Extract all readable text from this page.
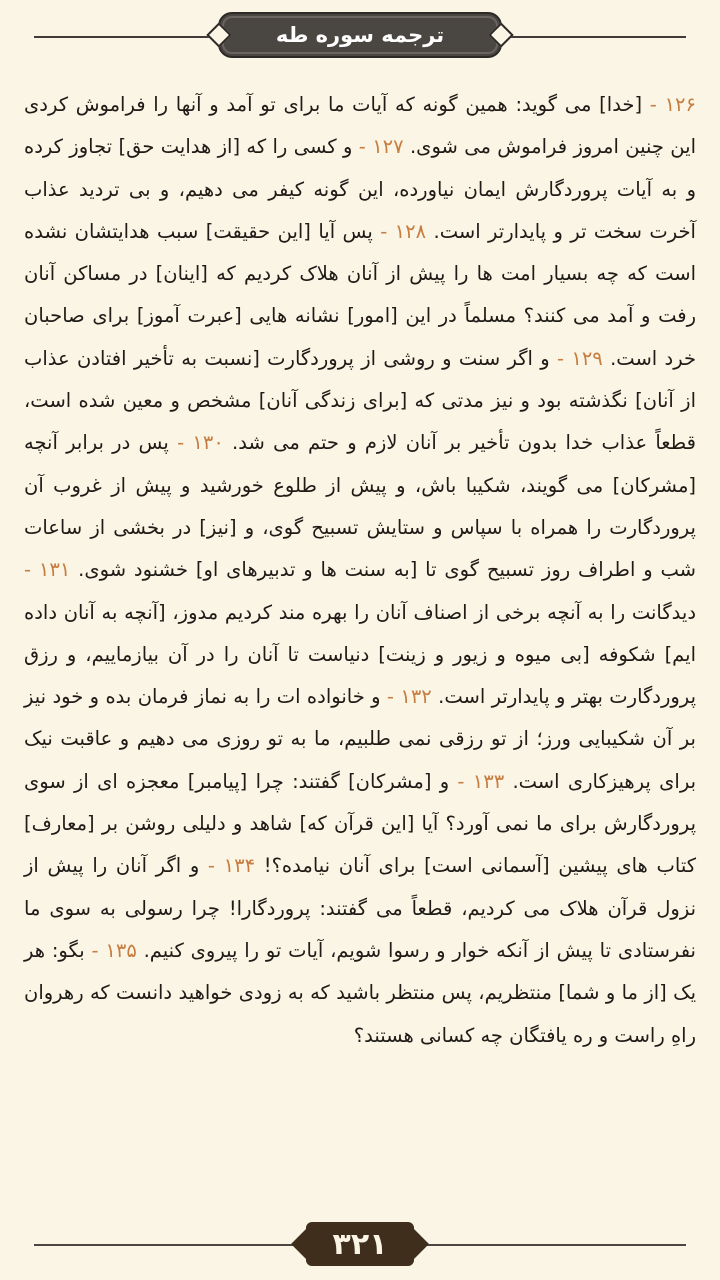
ترجمه سوره طه
۱۲۶ - [خدا] می گوید: همین گونه که آیات ما برای تو آمد و آنها را فراموش کردی این چنین امروز فراموش می شوی. ۱۲۷ - و کسی را که [از هدایت حق] تجاوز کرده و به آیات پروردگارش ایمان نیاورده، این گونه کیفر می دهیم، و بی تردید عذاب آخرت سخت تر و پایدارتر است. ۱۲۸ - پس آیا [این حقیقت] سبب هدایتشان نشده است که چه بسیار امت ها را پیش از آنان هلاک کردیم که [اینان] در مساکن آنان رفت و آمد می کنند؟ مسلماً در این [امور] نشانه هایی [عبرت آموز] برای صاحبان خرد است. ۱۲۹ - و اگر سنت و روشی از پروردگارت [نسبت به تأخیر افتادن عذاب از آنان] نگذشته بود و نیز مدتی که [برای زندگی آنان] مشخص و معین شده است، قطعاً عذاب خدا بدون تأخیر بر آنان لازم و حتم می شد. ۱۳۰ - پس در برابر آنچه [مشرکان] می گویند، شکیبا باش، و پیش از طلوع خورشید و پیش از غروب آن پروردگارت را همراه با سپاس و ستایش تسبیح گوی، و [نیز] در بخشی از ساعات شب و اطراف روز تسبیح گوی تا [به سنت ها و تدبیرهای او] خشنود شوی. ۱۳۱ - دیدگانت را به آنچه برخی از اصناف آنان را بهره مند کردیم مدوز، [آنچه به آنان داده ایم] شکوفه [بی میوه و زیور و زینت] دنیاست تا آنان را در آن بیازماییم، و رزق پروردگارت بهتر و پایدارتر است. ۱۳۲ - و خانواده ات را به نماز فرمان بده و خود نیز بر آن شکیبایی ورز؛ از تو رزقی نمی طلبیم، ما به تو روزی می دهیم و عاقبت نیک برای پرهیزکاری است. ۱۳۳ - و [مشرکان] گفتند: چرا [پیامبر] معجزه ای از سوی پروردگارش برای ما نمی آورد؟ آیا [این قرآن که] شاهد و دلیلی روشن بر [معارف] کتاب های پیشین [آسمانی است] برای آنان نیامده؟! ۱۳۴ - و اگر آنان را پیش از نزول قرآن هلاک می کردیم، قطعاً می گفتند: پروردگارا! چرا رسولی به سوی ما نفرستادی تا پیش از آنکه خوار و رسوا شویم، آیات تو را پیروی کنیم. ۱۳۵ - بگو: هر یک [از ما و شما] منتظریم، پس منتظر باشید که به زودی خواهید دانست که رهروان راهِ راست و ره یافتگان چه کسانی هستند؟
۳۲۱
